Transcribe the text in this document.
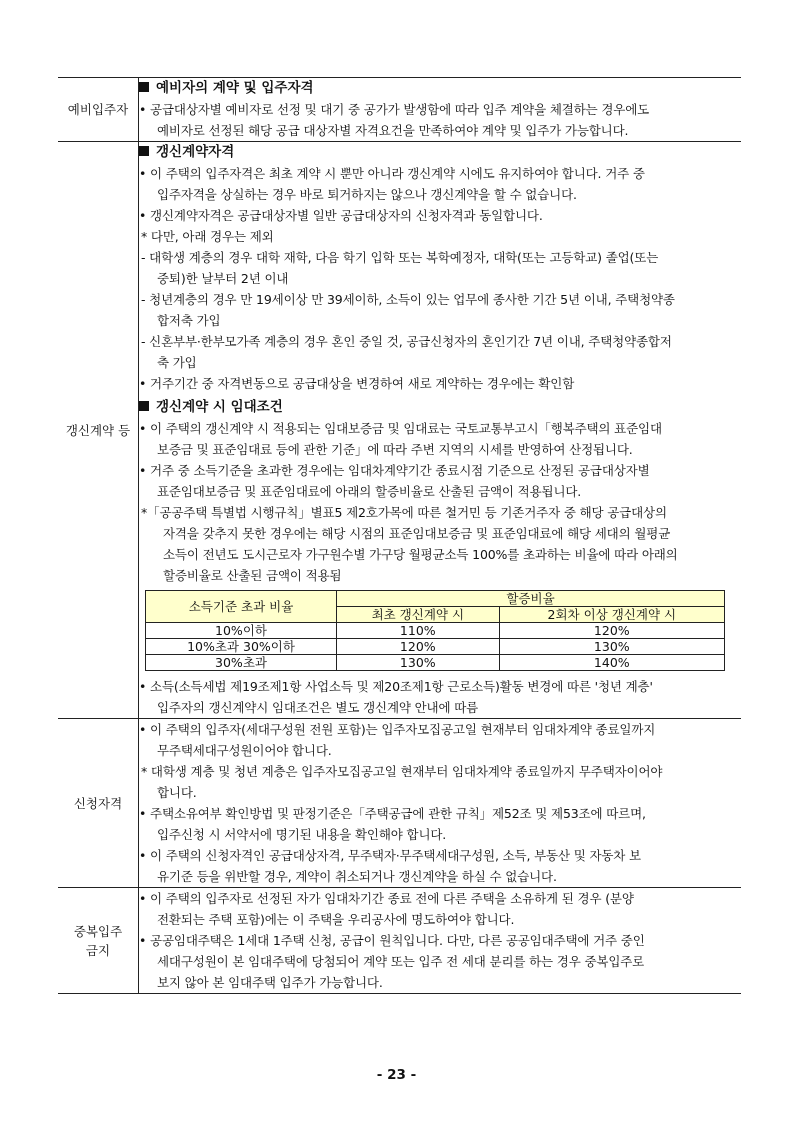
예비입주자	
예비자의 계약 및 입주자격
• 공급대상자별 예비자로 선정 및 대기 중 공가가 발생함에 따라 입주 계약을 체결하는 경우에도
예비자로 선정된 해당 공급 대상자별 자격요건을 만족하여야 계약 및 입주가 가능합니다.

갱신계약 등	
갱신계약자격
• 이 주택의 입주자격은 최초 계약 시 뿐만 아니라 갱신계약 시에도 유지하여야 합니다. 거주 중
입주자격을 상실하는 경우 바로 퇴거하지는 않으나 갱신계약을 할 수 없습니다.
• 갱신계약자격은 공급대상자별 일반 공급대상자의 신청자격과 동일합니다.
* 다만, 아래 경우는 제외
- 대학생 계층의 경우 대학 재학, 다음 학기 입학 또는 복학예정자, 대학(또는 고등학교) 졸업(또는
중퇴)한 날부터 2년 이내
- 청년계층의 경우 만 19세이상 만 39세이하, 소득이 있는 업무에 종사한 기간 5년 이내, 주택청약종
합저축 가입
- 신혼부부·한부모가족 계층의 경우 혼인 중일 것, 공급신청자의 혼인기간 7년 이내, 주택청약종합저
축 가입
• 거주기간 중 자격변동으로 공급대상을 변경하여 새로 계약하는 경우에는 확인함
갱신계약 시 임대조건
• 이 주택의 갱신계약 시 적용되는 임대보증금 및 임대료는 국토교통부고시「행복주택의 표준임대
보증금 및 표준임대료 등에 관한 기준」에 따라 주변 지역의 시세를 반영하여 산정됩니다.
• 거주 중 소득기준을 초과한 경우에는 임대차계약기간 종료시점 기준으로 산정된 공급대상자별
표준임대보증금 및 표준임대료에 아래의 할증비율로 산출된 금액이 적용됩니다.
*「공공주택 특별법 시행규칙」별표5 제2호가목에 따른 철거민 등 기존거주자 중 해당 공급대상의
자격을 갖추지 못한 경우에는 해당 시점의 표준임대보증금 및 표준임대료에 해당 세대의 월평균
소득이 전년도 도시근로자 가구원수별 가구당 월평균소득 100%를 초과하는 비율에 따라 아래의
할증비율로 산출된 금액이 적용됨
소득기준 초과 비율	할증비율
최초 갱신계약 시	2회차 이상 갱신계약 시
10%이하	110%	120%
10%초과 30%이하	120%	130%
30%초과	130%	140%
• 소득(소득세법 제19조제1항 사업소득 및 제20조제1항 근로소득)활동 변경에 따른 '청년 계층'
입주자의 갱신계약시 임대조건은 별도 갱신계약 안내에 따름

신청자격	
• 이 주택의 입주자(세대구성원 전원 포함)는 입주자모집공고일 현재부터 임대차계약 종료일까지
무주택세대구성원이어야 합니다.
* 대학생 계층 및 청년 계층은 입주자모집공고일 현재부터 임대차계약 종료일까지 무주택자이어야
합니다.
• 주택소유여부 확인방법 및 판정기준은「주택공급에 관한 규칙」제52조 및 제53조에 따르며,
입주신청 시 서약서에 명기된 내용을 확인해야 합니다.
• 이 주택의 신청자격인 공급대상자격, 무주택자·무주택세대구성원, 소득, 부동산 및 자동차 보
유기준 등을 위반할 경우, 계약이 취소되거나 갱신계약을 하실 수 없습니다.

중복입주
금지

• 이 주택의 입주자로 선정된 자가 임대차기간 종료 전에 다른 주택을 소유하게 된 경우 (분양
전환되는 주택 포함)에는 이 주택을 우리공사에 명도하여야 합니다.
• 공공임대주택은 1세대 1주택 신청, 공급이 원칙입니다. 다만, 다른 공공임대주택에 거주 중인
세대구성원이 본 임대주택에 당첨되어 계약 또는 입주 전 세대 분리를 하는 경우 중복입주로
보지 않아 본 임대주택 입주가 가능합니다.
- 23 -
